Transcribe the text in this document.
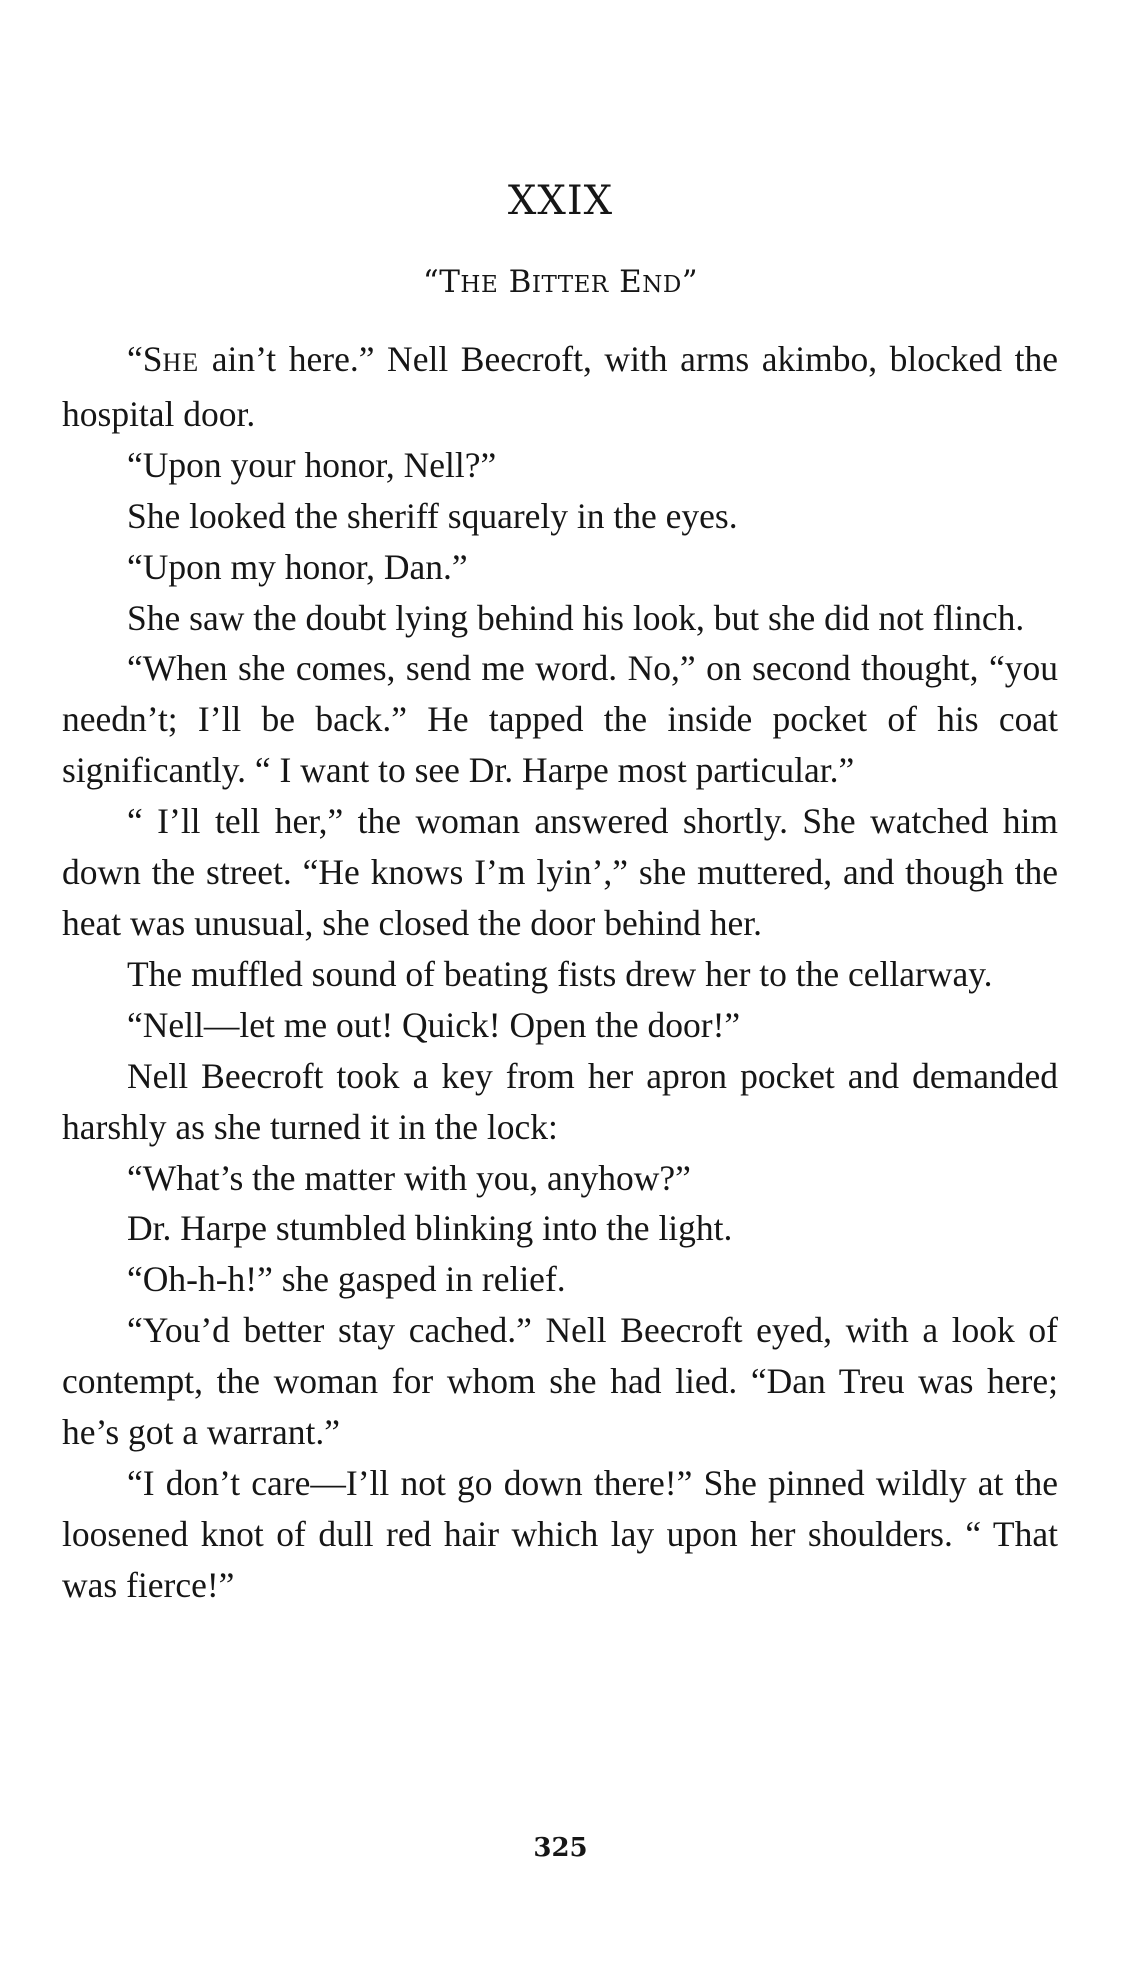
XXIX
“THE BITTER END”

“SHE ain’t here.” Nell Beecroft, with arms akimbo, blocked the hospital door.

“Upon your honor, Nell?”

She looked the sheriff squarely in the eyes.

“Upon my honor, Dan.”

She saw the doubt lying behind his look, but she did not flinch.

“When she comes, send me word. No,” on second thought, “you needn’t; I’ll be back.” He tapped the inside pocket of his coat significantly. “ I want to see Dr. Harpe most particular.”

“ I’ll tell her,” the woman answered shortly. She watched him down the street. “He knows I’m lyin’,” she muttered, and though the heat was unusual, she closed the door behind her.

The muffled sound of beating fists drew her to the cellarway.

“Nell—let me out! Quick! Open the door!”

Nell Beecroft took a key from her apron pocket and demanded harshly as she turned it in the lock:

“What’s the matter with you, anyhow?”

Dr. Harpe stumbled blinking into the light.

“Oh-h-h!” she gasped in relief.

“You’d better stay cached.” Nell Beecroft eyed, with a look of contempt, the woman for whom she had lied. “Dan Treu was here; he’s got a warrant.”

“I don’t care—I’ll not go down there!” She pinned wildly at the loosened knot of dull red hair which lay upon her shoulders. “ That was fierce!”

325
